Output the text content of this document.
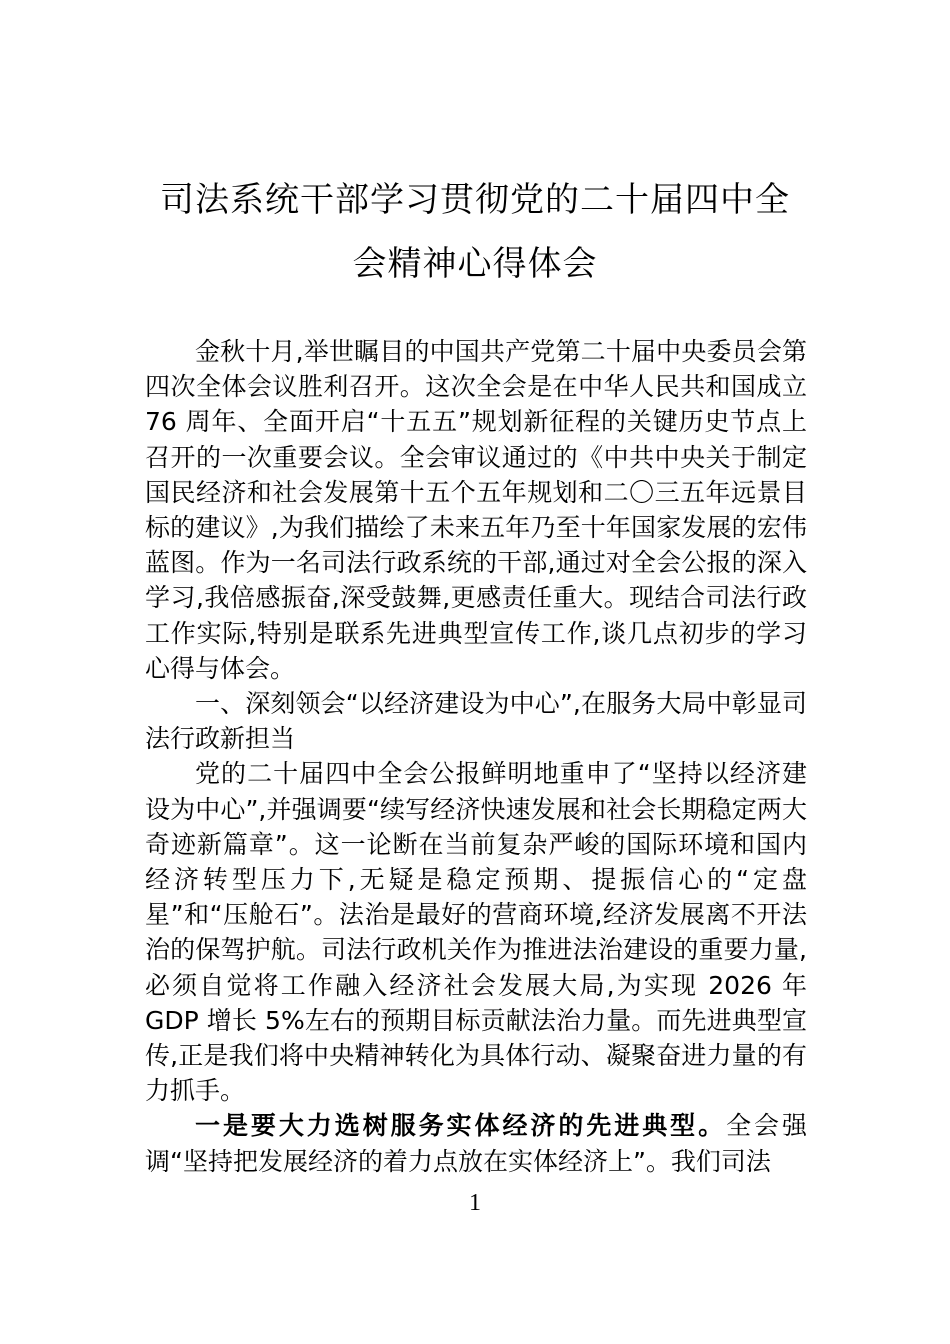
司法系统干部学习贯彻党的二十届四中全会精神心得体会

金秋十月,举世瞩目的中国共产党第二十届中央委员会第四次全体会议胜利召开。这次全会是在中华人民共和国成立 76 周年、全面开启“十五五”规划新征程的关键历史节点上召开的一次重要会议。全会审议通过的《中共中央关于制定国民经济和社会发展第十五个五年规划和二〇三五年远景目标的建议》,为我们描绘了未来五年乃至十年国家发展的宏伟蓝图。作为一名司法行政系统的干部,通过对全会公报的深入学习,我倍感振奋,深受鼓舞,更感责任重大。现结合司法行政工作实际,特别是联系先进典型宣传工作,谈几点初步的学习心得与体会。

一、深刻领会“以经济建设为中心”,在服务大局中彰显司法行政新担当

党的二十届四中全会公报鲜明地重申了“坚持以经济建设为中心”,并强调要“续写经济快速发展和社会长期稳定两大奇迹新篇章”。这一论断在当前复杂严峻的国际环境和国内经济转型压力下,无疑是稳定预期、提振信心的“定盘星”和“压舱石”。法治是最好的营商环境,经济发展离不开法治的保驾护航。司法行政机关作为推进法治建设的重要力量,必须自觉将工作融入经济社会发展大局,为实现 2026 年 GDP 增长 5%左右的预期目标贡献法治力量。而先进典型宣传,正是我们将中央精神转化为具体行动、凝聚奋进力量的有力抓手。

一是要大力选树服务实体经济的先进典型。全会强调“坚持把发展经济的着力点放在实体经济上”。我们司法

1
